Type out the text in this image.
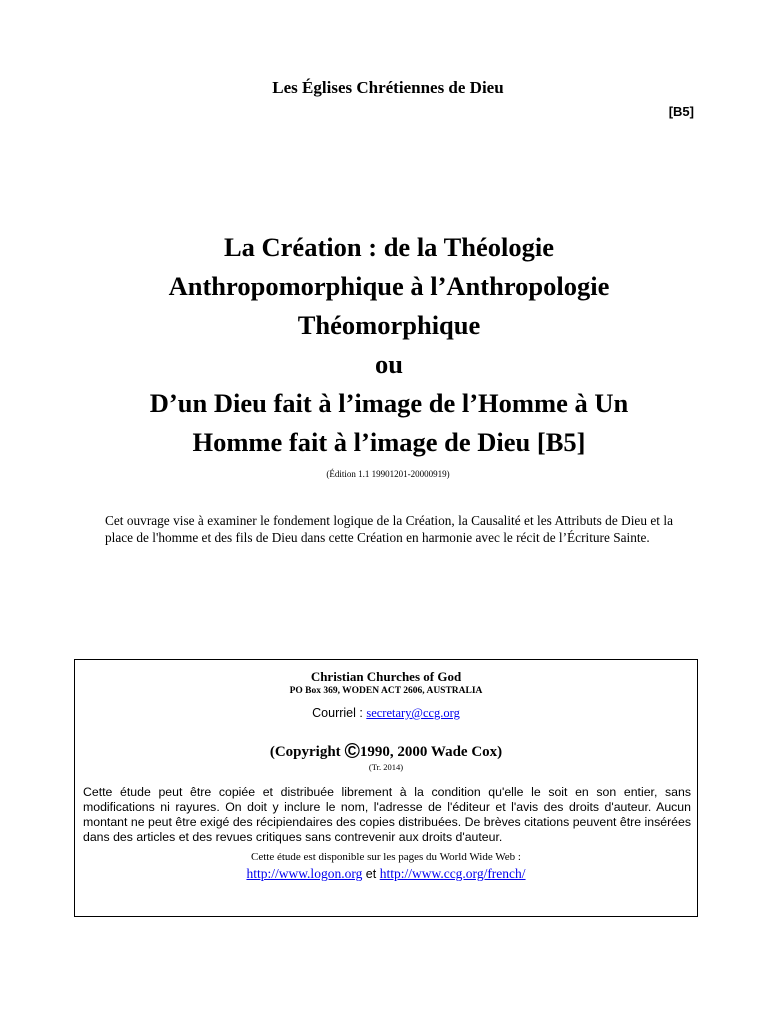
Les Églises Chrétiennes de Dieu
[B5]
La Création : de la Théologie
Anthropomorphique à l’Anthropologie
Théomorphique
ou
D’un Dieu fait à l’image de l’Homme à Un
Homme fait à l’image de Dieu [B5]
(Édition 1.1 19901201-20000919)
Cet ouvrage vise à examiner le fondement logique de la Création, la Causalité et les Attributs de Dieu et la place de l'homme et des fils de Dieu dans cette Création en harmonie avec le récit de l’Écriture Sainte.
Christian Churches of God
PO Box 369, WODEN ACT 2606, AUSTRALIA
Courriel : secretary@ccg.org
(Copyright ©1990, 2000 Wade Cox)
(Tr. 2014)
Cette étude peut être copiée et distribuée librement à la condition qu'elle le soit en son entier, sans modifications ni rayures. On doit y inclure le nom, l'adresse de l'éditeur et l'avis des droits d'auteur. Aucun montant ne peut être exigé des récipiendaires des copies distribuées. De brèves citations peuvent être insérées dans des articles et des revues critiques sans contrevenir aux droits d'auteur.
Cette étude est disponible sur les pages du World Wide Web :
http://www.logon.org et http://www.ccg.org/french/
